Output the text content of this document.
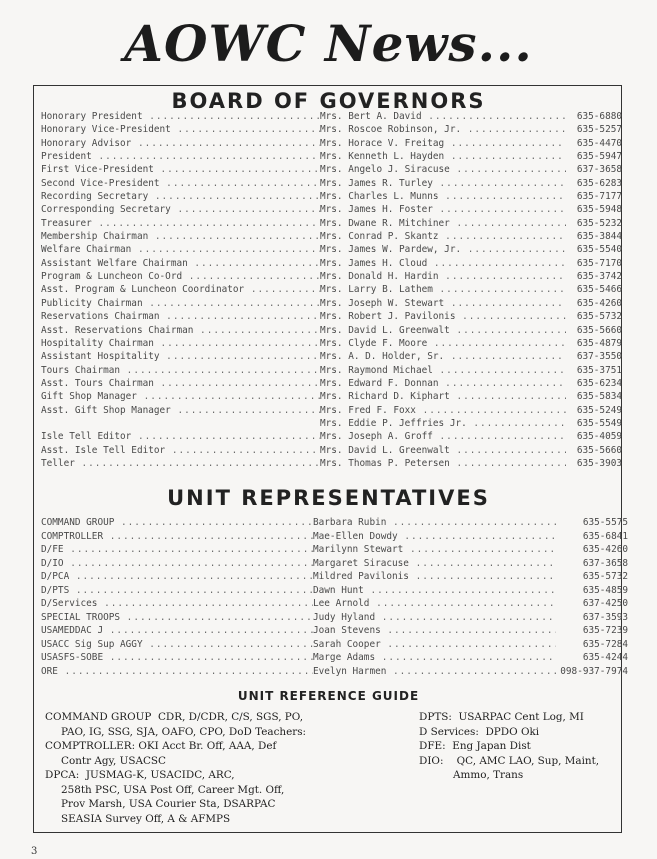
AOWC News...
BOARD OF GOVERNORS
Honorary President .....	Mrs. Bert A. David .....	635-6880
Honorary Vice-President .....	Mrs. Roscoe Robinson, Jr. .....	635-5257
Honorary Advisor .....	Mrs. Horace V. Freitag .....	635-4470
President .....	Mrs. Kenneth L. Hayden .....	635-5947
First Vice-President .....	Mrs. Angelo J. Siracuse .....	637-3658
Second Vice-President .....	Mrs. James R. Turley .....	635-6283
Recording Secretary .....	Mrs. Charles L. Munns .....	635-7177
Corresponding Secretary .....	Mrs. James H. Foster .....	635-5948
Treasurer .....	Mrs. Dwane R. Mitchiner .....	635-5232
Membership Chairman .....	Mrs. Conrad P. Skantz .....	635-3844
Welfare Chairman .....	Mrs. James W. Pardew, Jr. .....	635-5540
Assistant Welfare Chairman .....	Mrs. James H. Cloud .....	635-7170
Program & Luncheon Co-Ord .....	Mrs. Donald H. Hardin .....	635-3742
Asst. Program & Luncheon Coordinator .....	Mrs. Larry B. Lathem .....	635-5466
Publicity Chairman .....	Mrs. Joseph W. Stewart .....	635-4260
Reservations Chairman .....	Mrs. Robert J. Pavilonis .....	635-5732
Asst. Reservations Chairman .....	Mrs. David L. Greenwalt .....	635-5660
Hospitality Chairman .....	Mrs. Clyde F. Moore .....	635-4879
Assistant Hospitality .....	Mrs. A. D. Holder, Sr. .....	637-3550
Tours Chairman .....	Mrs. Raymond Michael .....	635-3751
Asst. Tours Chairman .....	Mrs. Edward F. Donnan .....	635-6234
Gift Shop Manager .....	Mrs. Richard D. Kiphart .....	635-5834
Asst. Gift Shop Manager .....	Mrs. Fred F. Foxx .....	635-5249
Mrs. Eddie P. Jeffries Jr. .....	635-5549
Isle Tell Editor .....	Mrs. Joseph A. Groff .....	635-4059
Asst. Isle Tell Editor .....	Mrs. David L. Greenwalt .....	635-5660
Teller .....	Mrs. Thomas P. Petersen .....	635-3903
UNIT REPRESENTATIVES
COMMAND GROUP .....	Barbara Rubin .....	635-5575
COMPTROLLER .....	Mae-Ellen Dowdy .....	635-6841
D/FE .....	Marilynn Stewart .....	635-4260
D/IO .....	Margaret Siracuse .....	637-3658
D/PCA .....	Mildred Pavilonis .....	635-5732
D/PTS .....	Dawn Hunt .....	635-4859
D/Services .....	Lee Arnold .....	637-4250
SPECIAL TROOPS .....	Judy Hyland .....	637-3593
USAMEDDAC J .....	Joan Stevens .....	635-7239
USACC Sig Sup AGGY .....	Sarah Cooper .....	635-7284
USASFS-SOBE .....	Marge Adams .....	635-4244
ORE .....	Evelyn Harmen .....	098-937-7974
UNIT REFERENCE GUIDE
COMMAND GROUP  CDR, D/CDR, C/S, SGS, PO,
PAO, IG, SSG, SJA, OAFO, CPO, DoD Teachers:
COMPTROLLER: OKI Acct Br. Off, AAA, Def
Contr Agy, USACSC
DPCA:  JUSMAG-K, USACIDC, ARC,
258th PSC, USA Post Off, Career Mgt. Off,
Prov Marsh, USA Courier Sta, DSARPAC
SEASIA Survey Off, A & AFMPS
DPTS:  USARPAC Cent Log, MI
D Services:  DPDO Oki
DFE:  Eng Japan Dist
DIO:    QC, AMC LAO, Sup, Maint,
Ammo, Trans
3
